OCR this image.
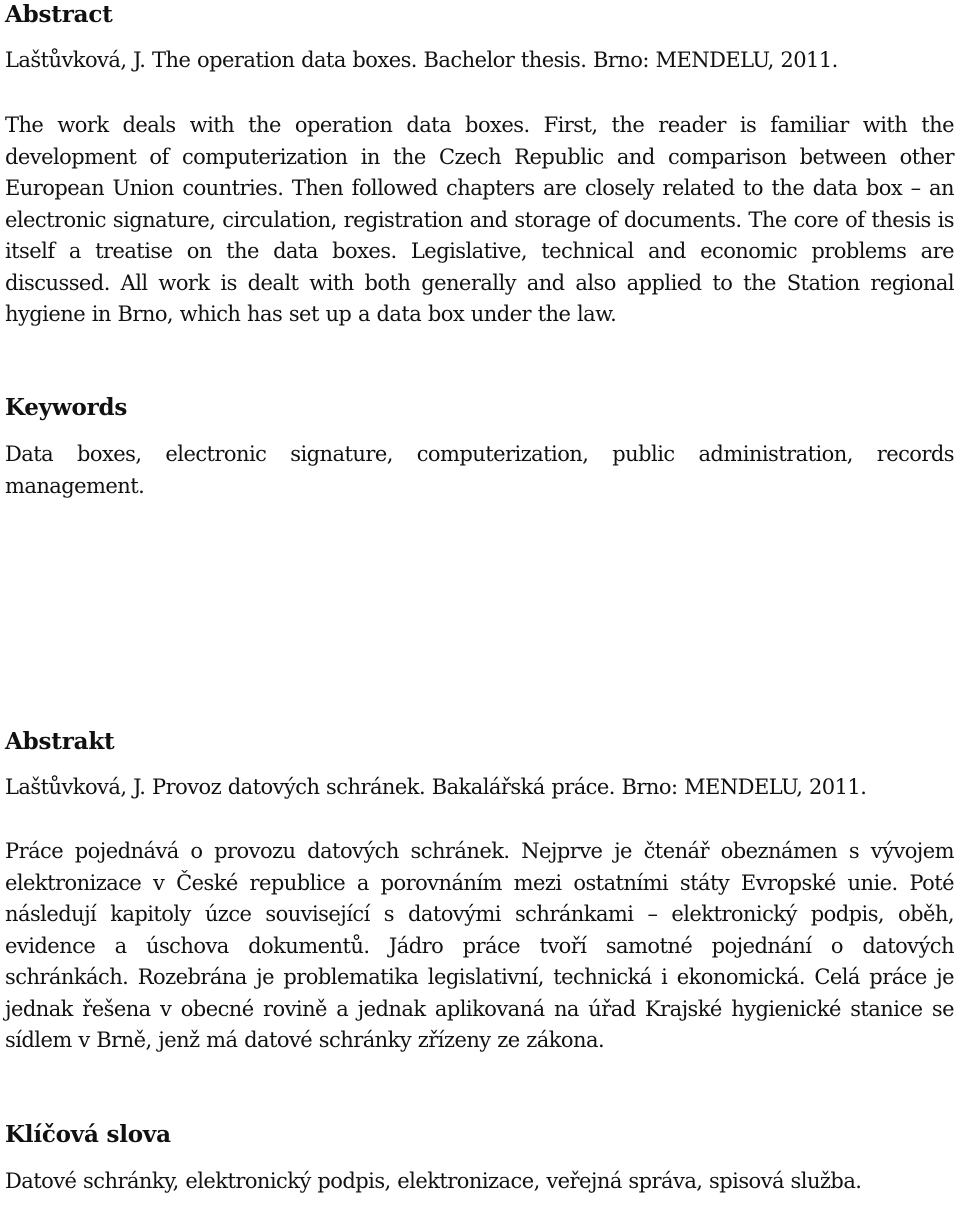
Abstract

Laštůvková, J. The operation data boxes. Bachelor thesis. Brno: MENDELU, 2011.

The work deals with the operation data boxes. First, the reader is familiar with the development of computerization in the Czech Republic and comparison between other European Union countries. Then followed chapters are closely related to the data box – an electronic signature, circulation, registration and storage of documents. The core of thesis is itself a treatise on the data boxes. Legislative, technical and economic problems are discussed. All work is dealt with both generally and also applied to the Station regional hygiene in Brno, which has set up a data box under the law.

Keywords

Data boxes, electronic signature, computerization, public administration, records management.

Abstrakt

Laštůvková, J. Provoz datových schránek. Bakalářská práce. Brno: MENDELU, 2011.

Práce pojednává o provozu datových schránek. Nejprve je čtenář obeznámen s vývojem elektronizace v České republice a porovnáním mezi ostatními státy Evropské unie. Poté následují kapitoly úzce související s datovými schránkami – elektronický podpis, oběh, evidence a úschova dokumentů. Jádro práce tvoří samotné pojednání o datových schránkách. Rozebrána je problematika legislativní, technická i ekonomická. Celá práce je jednak řešena v obecné rovině a jednak aplikovaná na úřad Krajské hygienické stanice se sídlem v Brně, jenž má datové schránky zřízeny ze zákona.

Klíčová slova

Datové schránky, elektronický podpis, elektronizace, veřejná správa, spisová služba.
